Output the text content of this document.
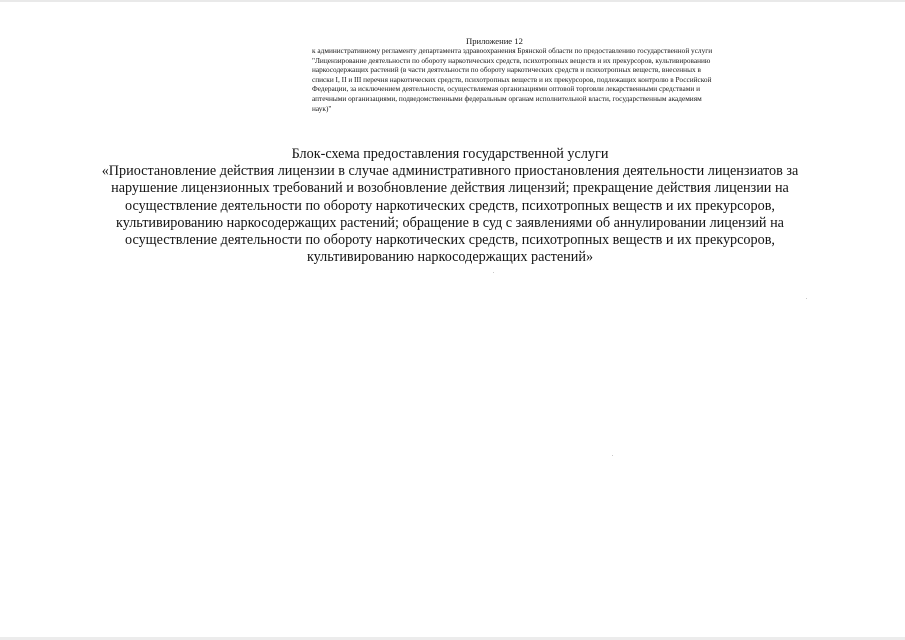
Приложение 12
к административному регламенту департамента здравоохранения Брянской области по предоставлению государственной услуги
"Лицензирование деятельности по обороту наркотических средств, психотропных веществ и их прекурсоров, культивированию
наркосодержащих растений (в части деятельности по обороту наркотических средств и психотропных веществ, внесенных в
списки I, II и III перечня наркотических средств, психотропных веществ и их прекурсоров, подлежащих контролю в Российской
Федерации, за исключением деятельности, осуществляемая организациями оптовой торговли лекарственными средствами и
аптечными организациями, подведомственными федеральным органам исполнительной власти, государственным академиям
наук)"
Блок-схема предоставления государственной услуги
«Приостановление действия лицензии в случае административного приостановления деятельности лицензиатов за
нарушение лицензионных требований и возобновление действия лицензий; прекращение действия лицензии на
осуществление деятельности по обороту наркотических средств, психотропных веществ и их прекурсоров,
культивированию наркосодержащих растений; обращение в суд с заявлениями об аннулировании лицензий на
осуществление деятельности по обороту наркотических средств, психотропных веществ и их прекурсоров,
культивированию наркосодержащих растений»
